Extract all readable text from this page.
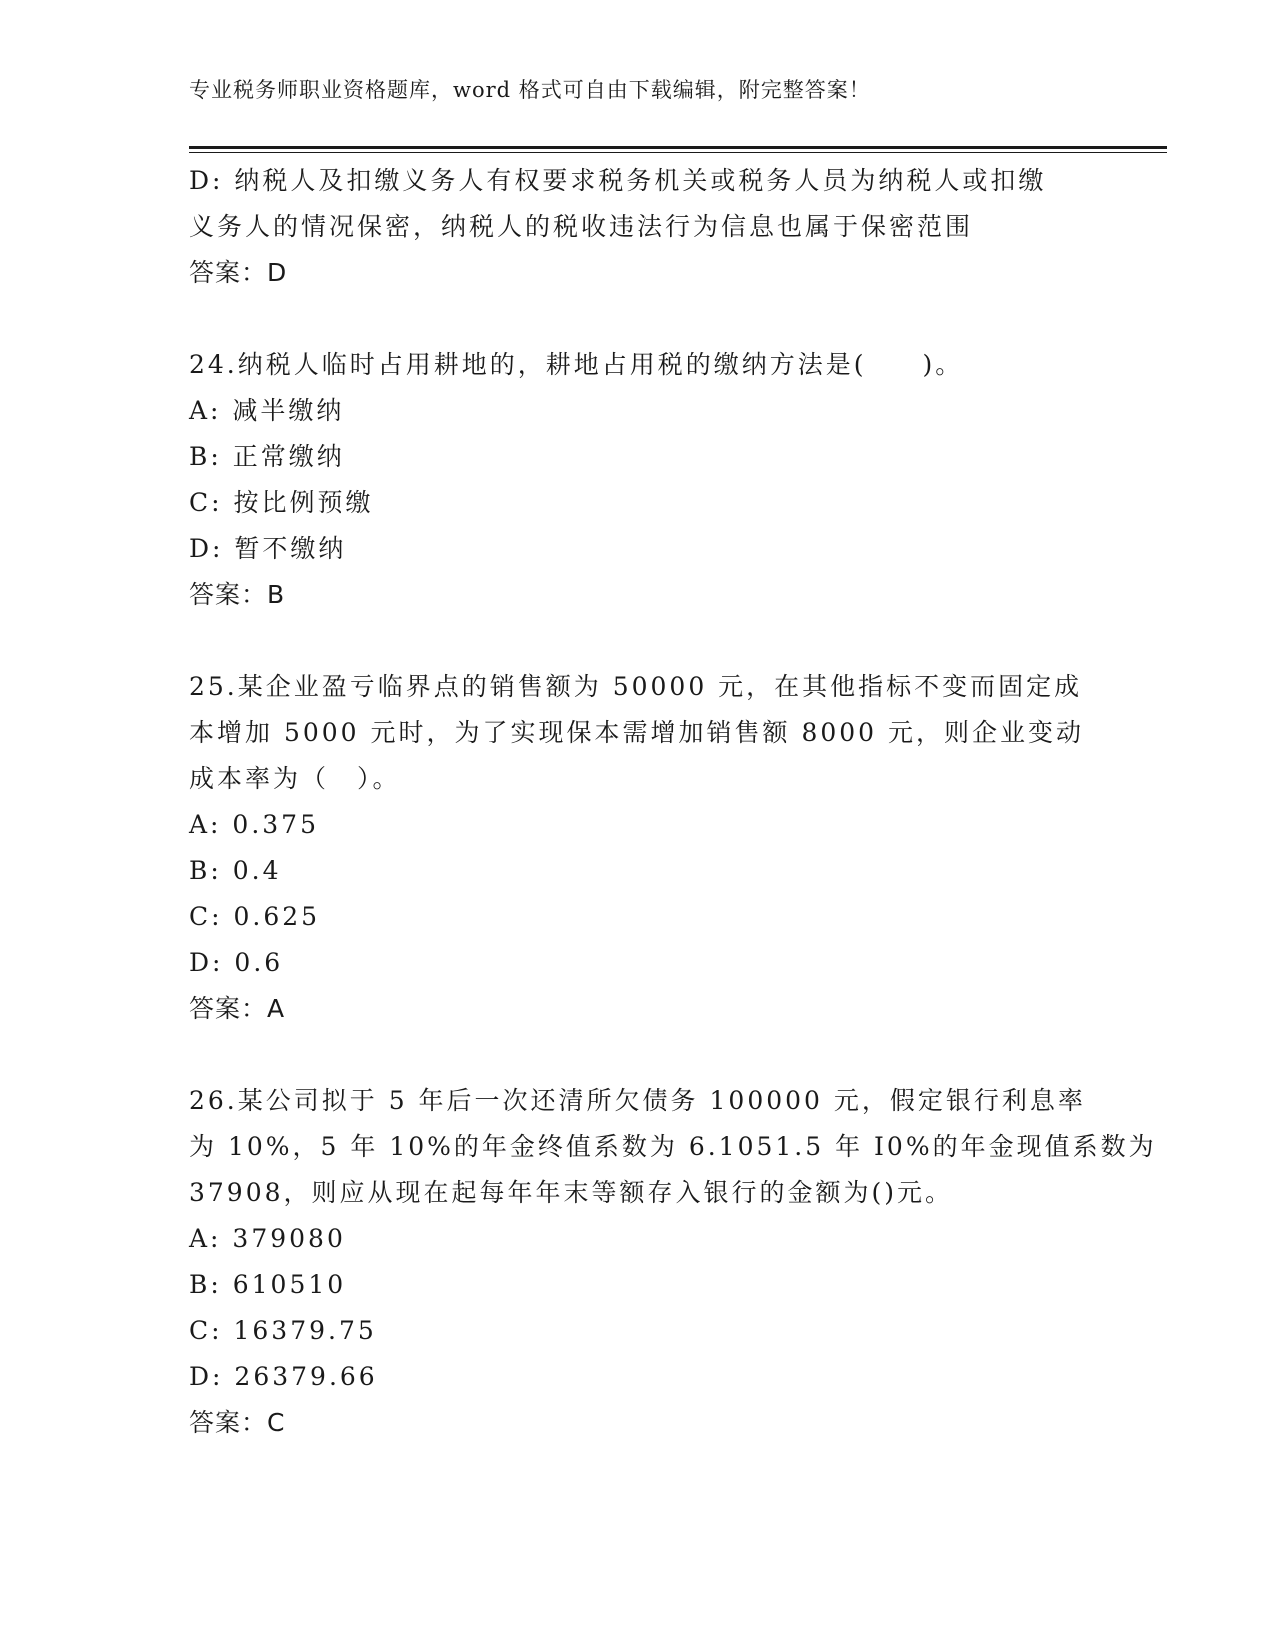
专业税务师职业资格题库，word 格式可自由下载编辑，附完整答案！
D: 纳税人及扣缴义务人有权要求税务机关或税务人员为纳税人或扣缴
义务人的情况保密，纳税人的税收违法行为信息也属于保密范围
答案：D
24.纳税人临时占用耕地的，耕地占用税的缴纳方法是(　　)。
A: 减半缴纳
B: 正常缴纳
C: 按比例预缴
D: 暂不缴纳
答案：B
25.某企业盈亏临界点的销售额为 50000 元，在其他指标不变而固定成
本增加 5000 元时，为了实现保本需增加销售额 8000 元，则企业变动
成本率为（　）。
A: 0.375
B: 0.4
C: 0.625
D: 0.6
答案：A
26.某公司拟于 5 年后一次还清所欠债务 100000 元，假定银行利息率
为 10%，5 年 10%的年金终值系数为 6.1051.5 年 I0%的年金现值系数为
37908，则应从现在起每年年末等额存入银行的金额为()元。
A: 379080
B: 610510
C: 16379.75
D: 26379.66
答案：C
